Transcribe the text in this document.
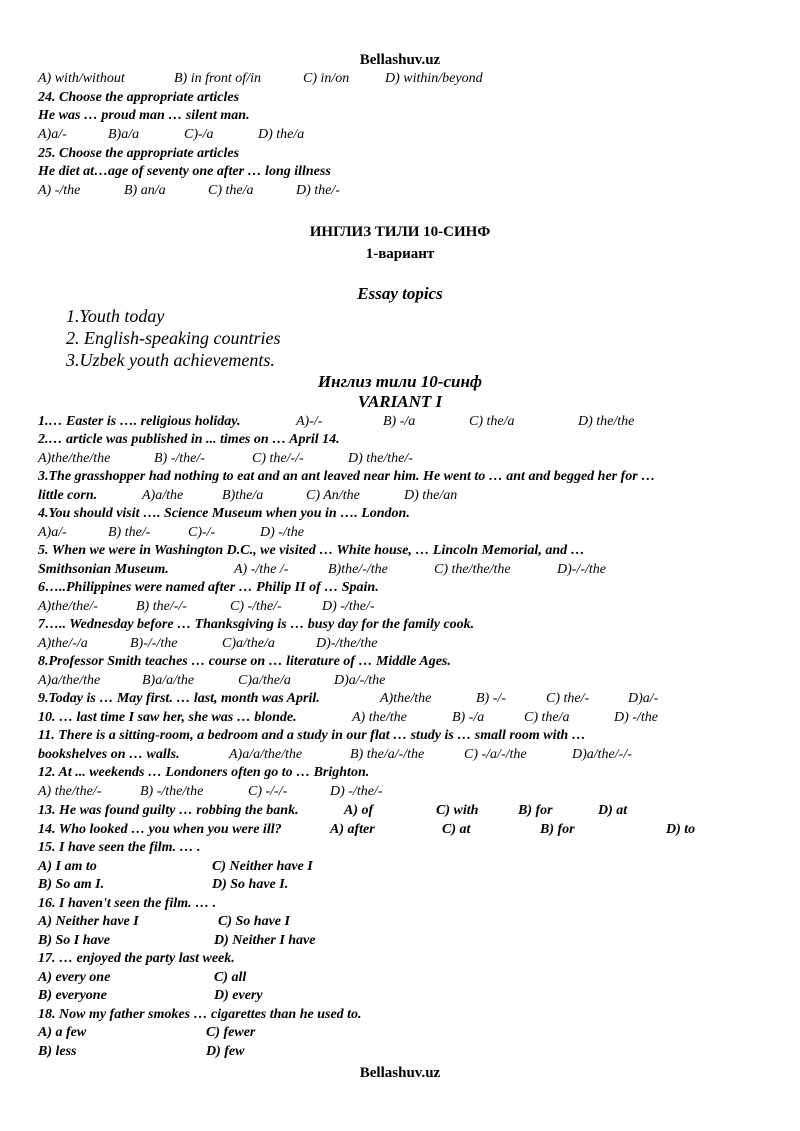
Bellashuv.uz
A) with/without	B) in front of/in	C) in/on	D) within/beyond
24. Choose the appropriate articles
He was … proud man … silent man.
A)a/-	B)a/a	C)-/a	D) the/a
25. Choose the appropriate articles
He diet at…age of seventy one after … long illness
A) -/the	B) an/a	C) the/a	D) the/-
ИНГЛИЗ ТИЛИ 10-СИНФ
1-вариант
Essay topics
1.Youth today
2. English-speaking countries
3.Uzbek youth achievements.
Инглиз тили 10-синф
VARIANT I
1.… Easter is …. religious holiday.	A)-/-	B) -/a	C) the/a	D) the/the
2.… article was published in ... times on … April 14.
A)the/the/the	B) -/the/-	C) the/-/-	D) the/the/-
3.The grasshopper had nothing to eat and an ant leaved near him. He went to … ant and begged her for …
little corn.	A)a/the	B)the/a	C) An/the	D) the/an
4.You should visit …. Science Museum when you in …. London.
A)a/-	B) the/-	C)-/-	D) -/the
5. When we were in Washington D.C., we visited … White house, … Lincoln Memorial, and …
Smithsonian Museum.	A) -/the /-	B)the/-/the	C) the/the/the	D)-/-/the
6…..Philippines were named after … Philip II of … Spain.
A)the/the/-	B) the/-/-	C) -/the/-	D) -/the/-
7….. Wednesday before … Thanksgiving is … busy day for the family cook.
A)the/-/a	B)-/-/the	C)a/the/a	D)-/the/the
8.Professor Smith teaches … course on … literature of … Middle Ages.
A)a/the/the	B)a/a/the	C)a/the/a	D)a/-/the
9.Today is … May first. … last, month was April.	A)the/the	B) -/-	C) the/-	D)a/-
10. … last time I saw her, she was … blonde.	A) the/the	B) -/a	C) the/a	D) -/the
11. There is a sitting-room, a bedroom and a study in our flat … study is … small room with …
bookshelves on … walls.	A)a/a/the/the	B) the/a/-/the	C) -/a/-/the	D)a/the/-/-
12. At ... weekends … Londoners often go to … Brighton.
A) the/the/-	B) -/the/the	C) -/-/-	D) -/the/-
13. He was found guilty … robbing the bank.	A) of	C) with	B) for	D) at
14. Who looked … you when you were ill?	A) after	C) at	B) for	D) to
15. I have seen the film. … .
A) I am to	C) Neither have I
B) So am I.	D) So have I.
16. I haven't seen the film. … .
A) Neither have I	C) So have I
B) So I have	D) Neither I have
17. … enjoyed the party last week.
A) every one	C) all
B) everyone	D) every
18. Now my father smokes … cigarettes than he used to.
A) a few	C) fewer
B) less	D) few
Bellashuv.uz
